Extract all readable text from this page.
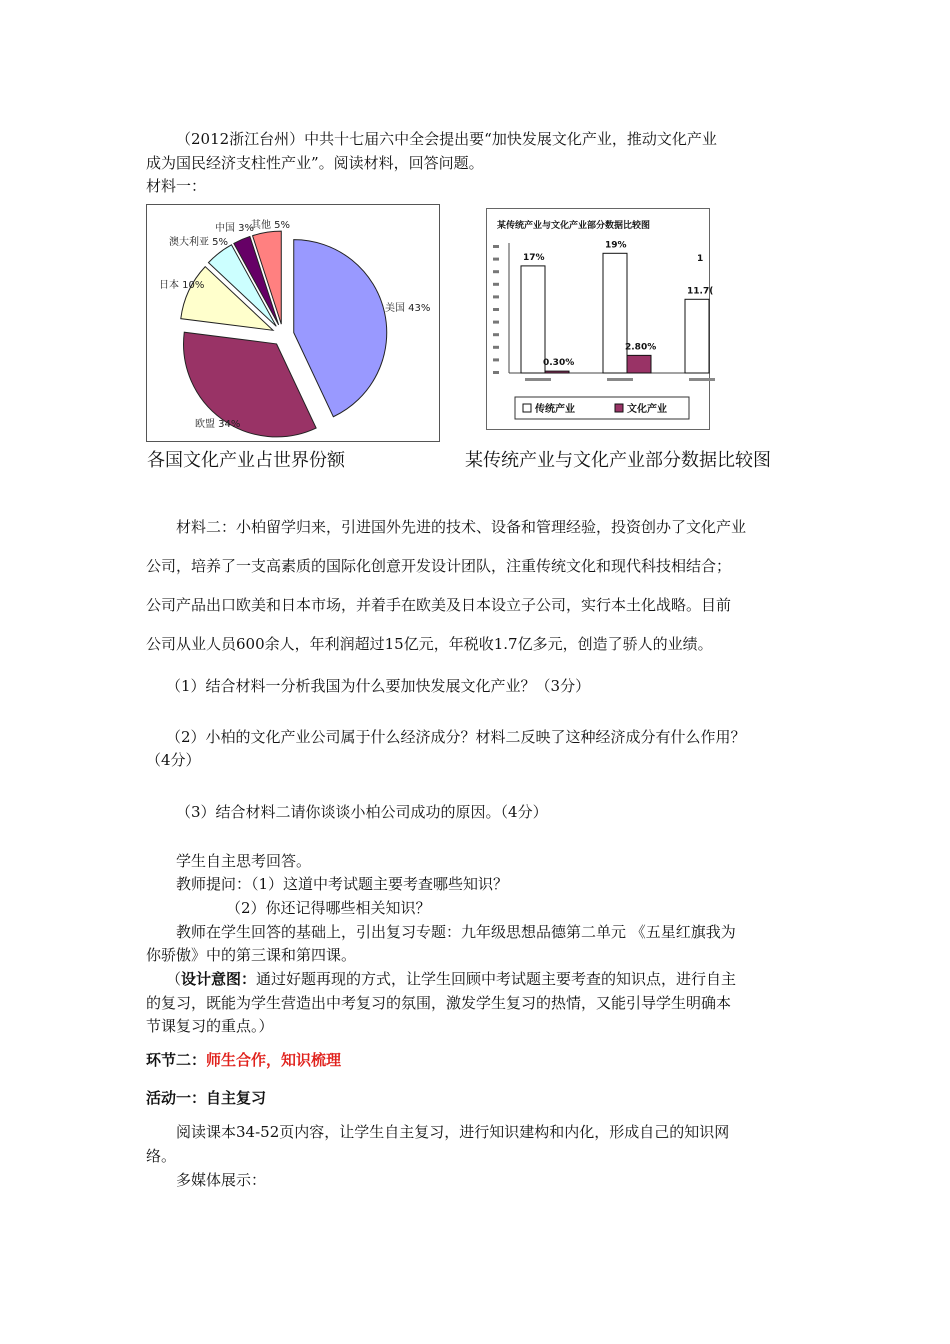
（2012浙江台州）中共十七届六中全会提出要“加快发展文化产业，推动文化产业

成为国民经济支柱性产业”。阅读材料，回答问题。

材料一：

美国 43%
欧盟 34%
日本 10%
澳大利亚 5%
中国 3%
其他 5%
各国文化产业占世界份额
某传统产业与文化产业部分数据比较图
17%
0.30%
19%
2.80%
11.7(
1
传统产业	文化产业
某传统产业与文化产业部分数据比较图

材料二：小柏留学归来，引进国外先进的技术、设备和管理经验，投资创办了文化产业

公司，培养了一支高素质的国际化创意开发设计团队，注重传统文化和现代科技相结合；

公司产品出口欧美和日本市场，并着手在欧美及日本设立子公司，实行本土化战略。目前

公司从业人员600余人，年利润超过15亿元，年税收1.7亿多元，创造了骄人的业绩。

（1）结合材料一分析我国为什么要加快发展文化产业？（3分）

（2）小柏的文化产业公司属于什么经济成分？材料二反映了这种经济成分有什么作用？

（4分）

（3）结合材料二请你谈谈小柏公司成功的原因。（4分）

学生自主思考回答。

教师提问：（1）这道中考试题主要考查哪些知识？

（2）你还记得哪些相关知识？

教师在学生回答的基础上，引出复习专题：九年级思想品德第二单元 《五星红旗我为

你骄傲》中的第三课和第四课。

（设计意图：通过好题再现的方式，让学生回顾中考试题主要考查的知识点，进行自主

的复习，既能为学生营造出中考复习的氛围，激发学生复习的热情，又能引导学生明确本

节课复习的重点。）

环节二：师生合作，知识梳理

活动一：自主复习

阅读课本34-52页内容，让学生自主复习，进行知识建构和内化，形成自己的知识网

络。

多媒体展示：
